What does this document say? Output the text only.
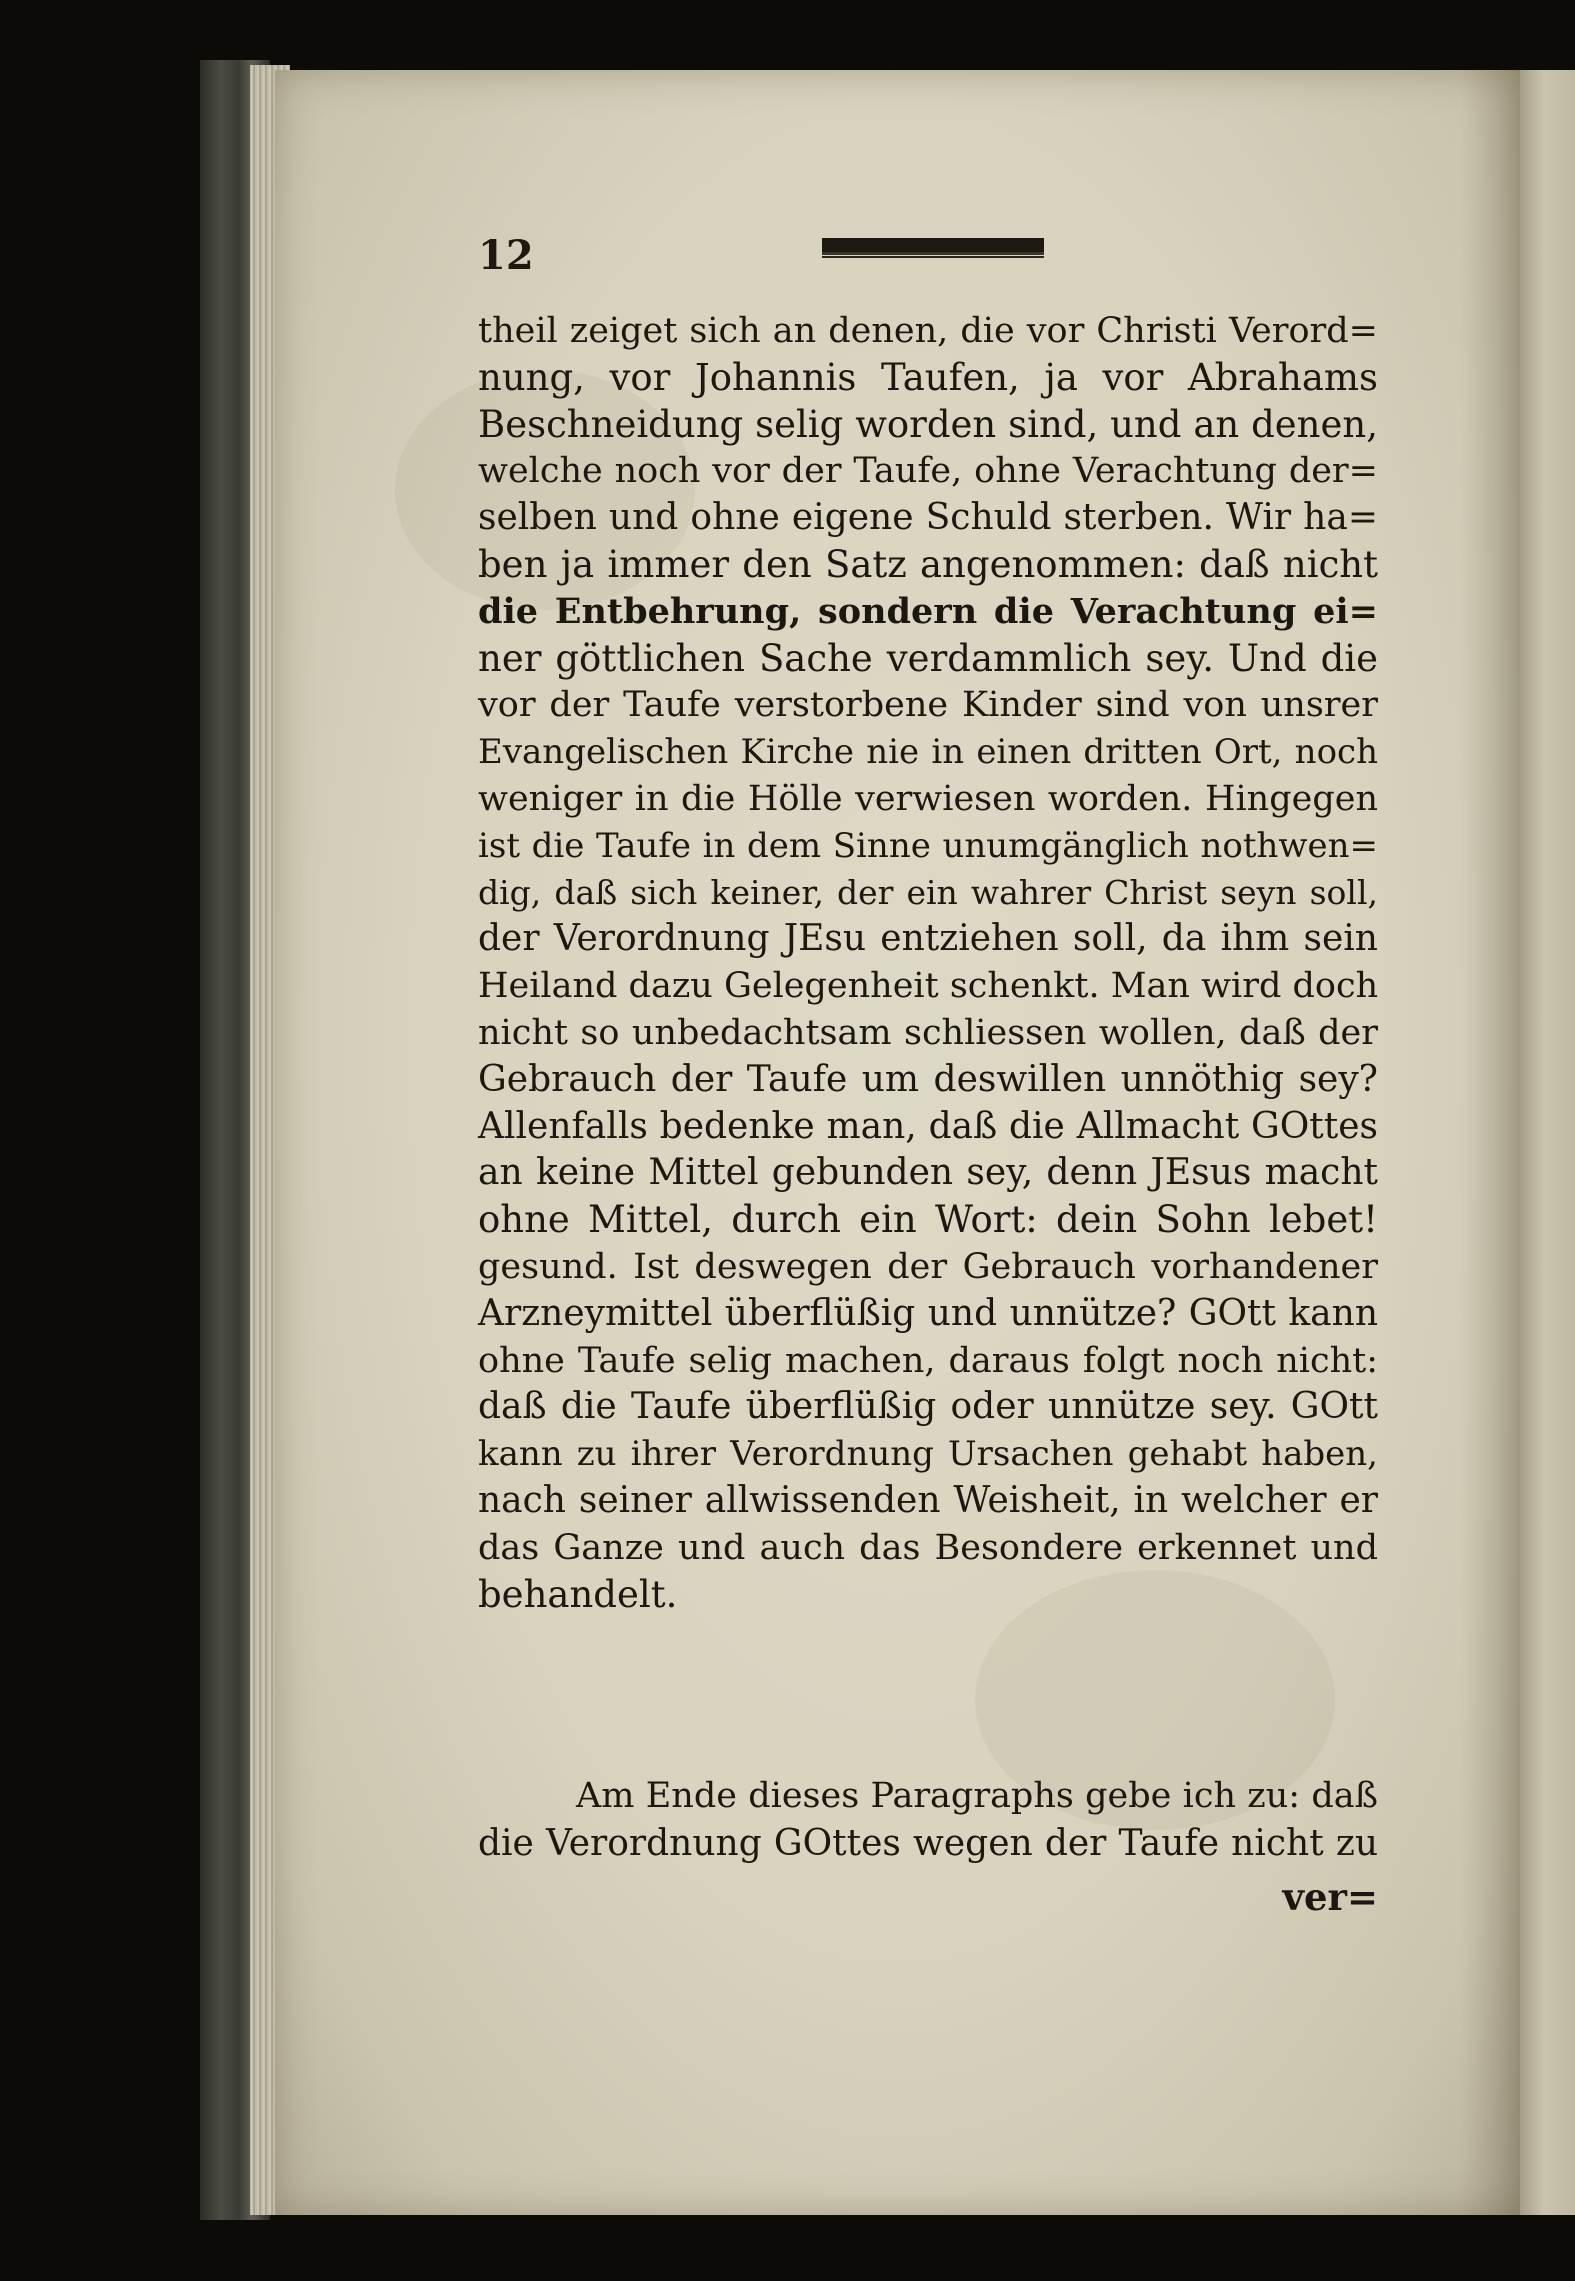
12
theil zeiget sich an denen, die vor Christi Verord=
nung, vor Johannis Taufen, ja vor Abrahams
Beschneidung selig worden sind, und an denen,
welche noch vor der Taufe, ohne Verachtung der=
selben und ohne eigene Schuld sterben. Wir ha=
ben ja immer den Satz angenommen: daß nicht
die Entbehrung, sondern die Verachtung ei=
ner göttlichen Sache verdammlich sey. Und die
vor der Taufe verstorbene Kinder sind von unsrer
Evangelischen Kirche nie in einen dritten Ort, noch
weniger in die Hölle verwiesen worden. Hingegen
ist die Taufe in dem Sinne unumgänglich nothwen=
dig, daß sich keiner, der ein wahrer Christ seyn soll,
der Verordnung JEsu entziehen soll, da ihm sein
Heiland dazu Gelegenheit schenkt. Man wird doch
nicht so unbedachtsam schliessen wollen, daß der
Gebrauch der Taufe um deswillen unnöthig sey?
Allenfalls bedenke man, daß die Allmacht GOttes
an keine Mittel gebunden sey, denn JEsus macht
ohne Mittel, durch ein Wort: dein Sohn lebet!
gesund. Ist deswegen der Gebrauch vorhandener
Arzneymittel überflüßig und unnütze? GOtt kann
ohne Taufe selig machen, daraus folgt noch nicht:
daß die Taufe überflüßig oder unnütze sey. GOtt
kann zu ihrer Verordnung Ursachen gehabt haben,
nach seiner allwissenden Weisheit, in welcher er
das Ganze und auch das Besondere erkennet und
behandelt.
Am Ende dieses Paragraphs gebe ich zu: daß
die Verordnung GOttes wegen der Taufe nicht zu
ver=
